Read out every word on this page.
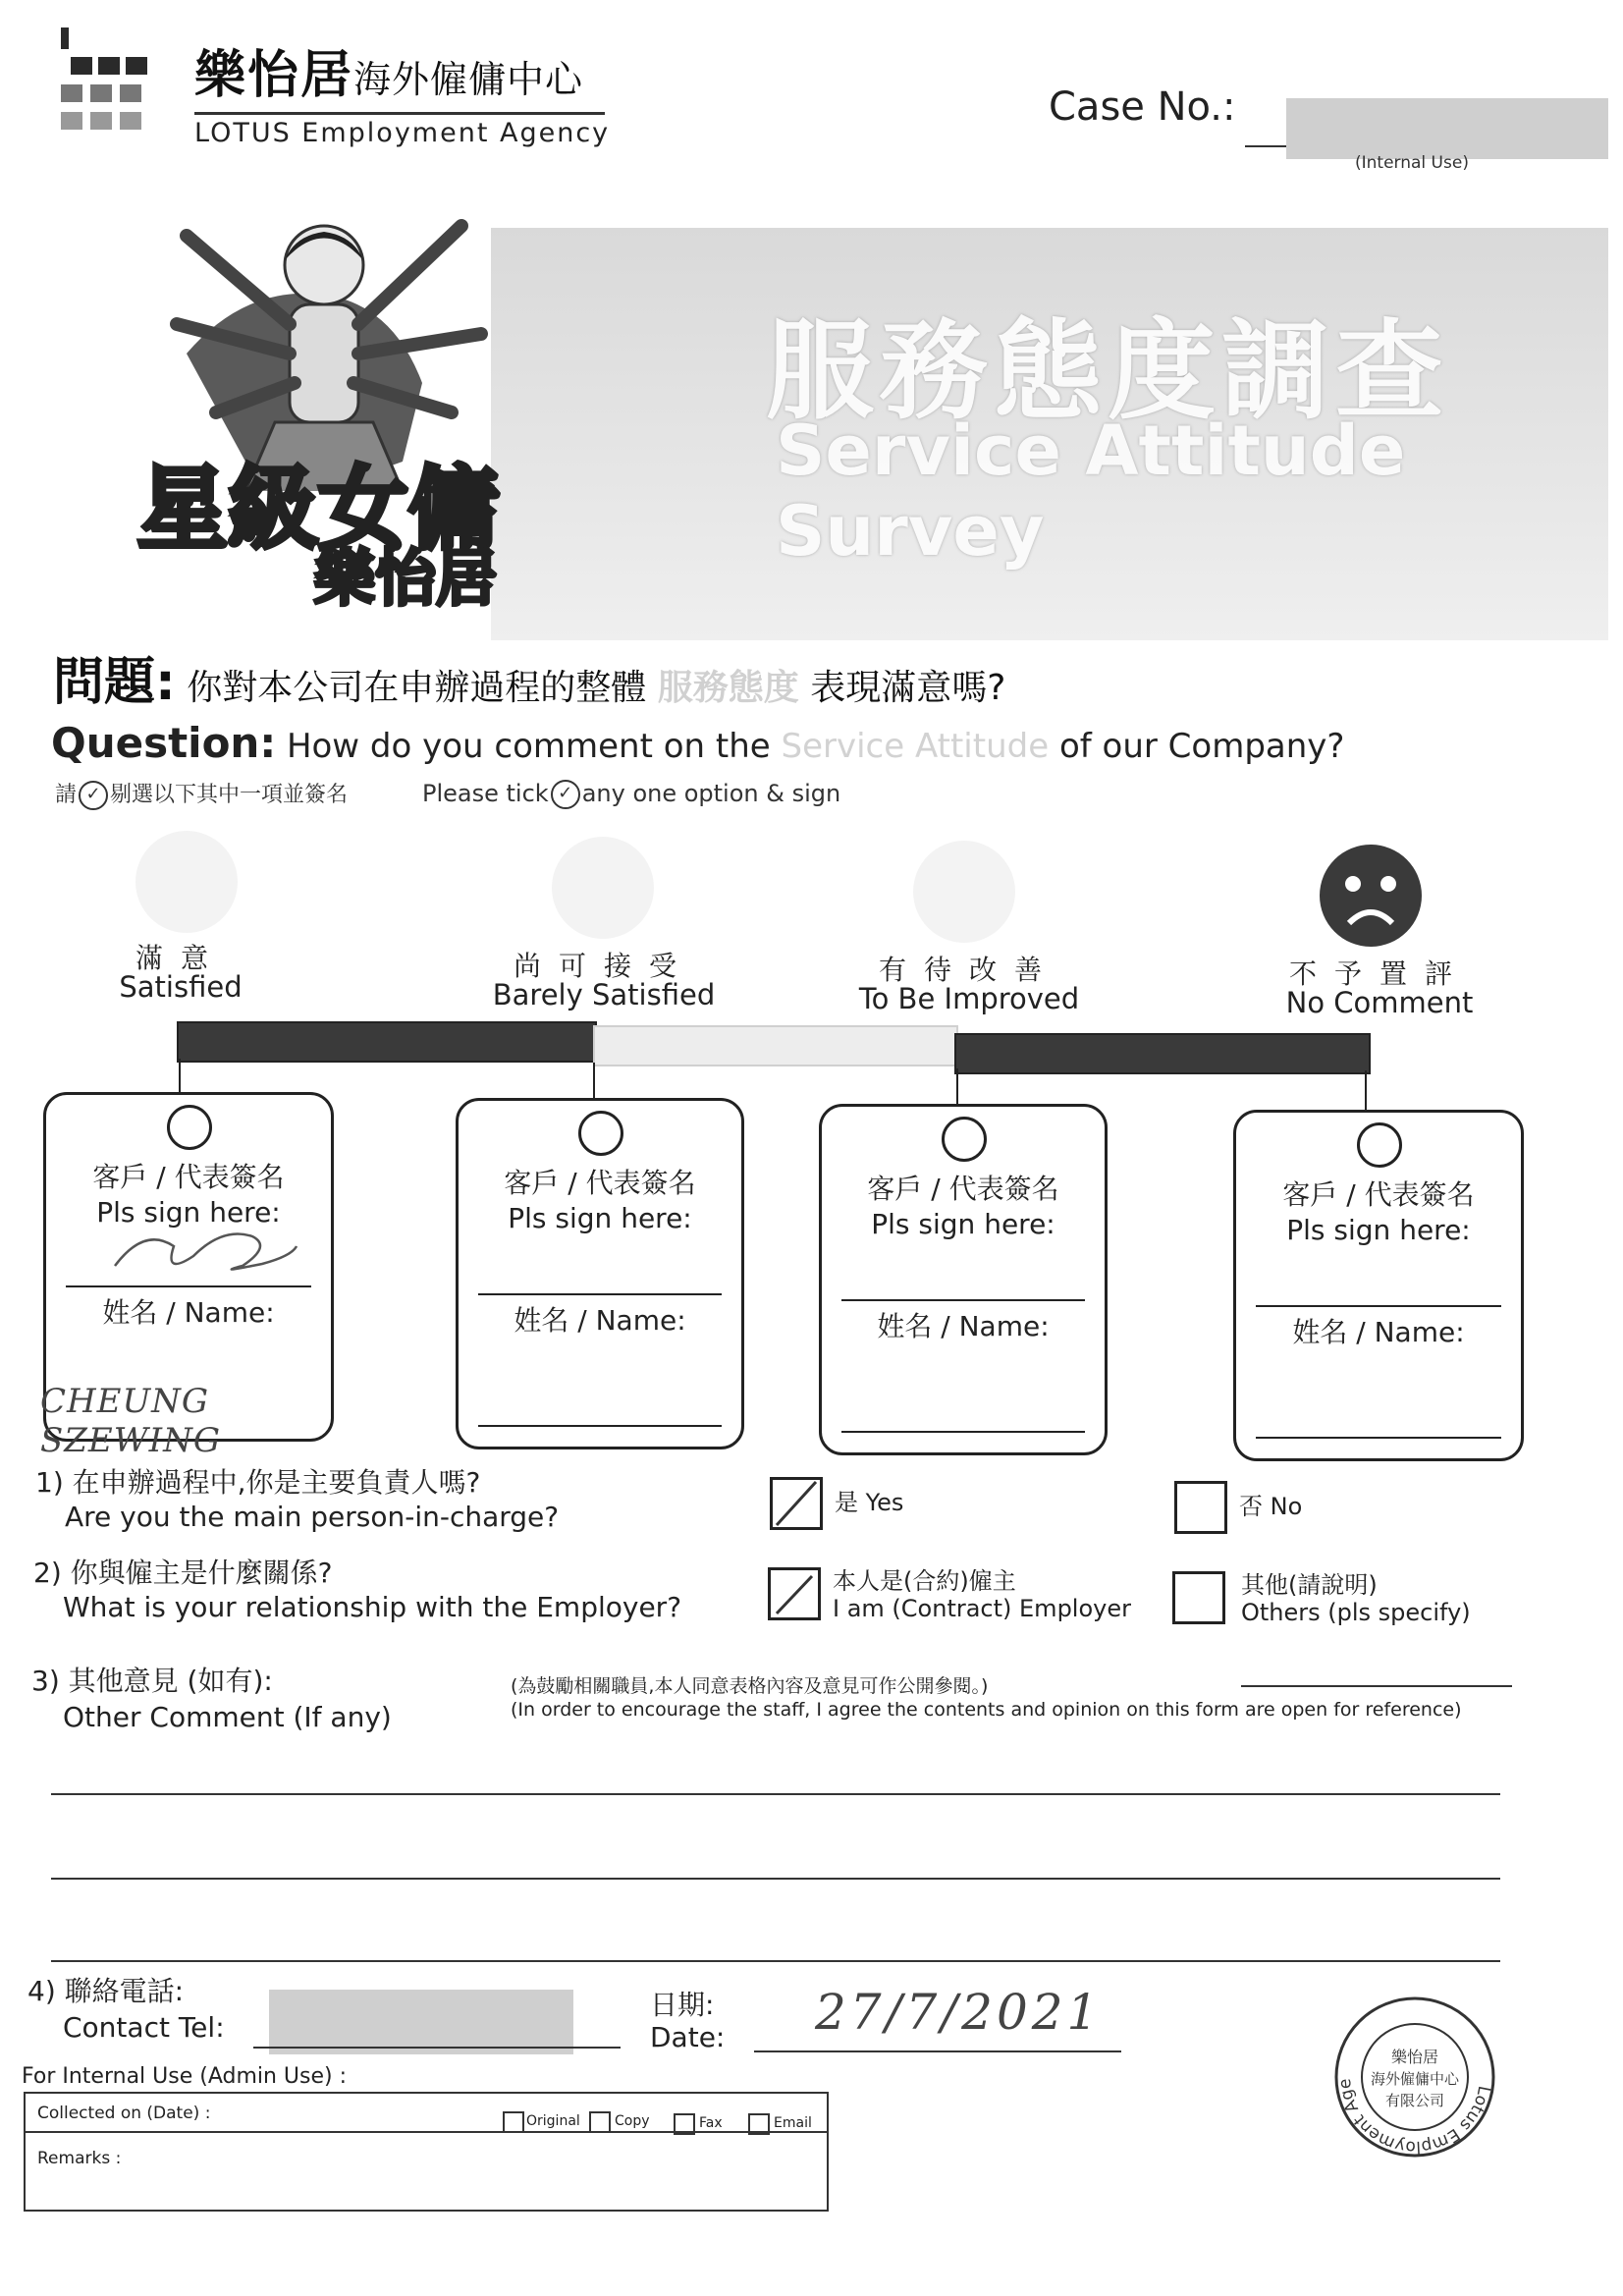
樂怡居海外僱傭中心
LOTUS Employment Agency
Case No.:
(Internal Use)
服務態度調查
Service Attitude Survey
星級女傭
樂怡居
問題: 你對本公司在申辦過程的整體 服務態度 表現滿意嗎?
Question: How do you comment on the Service Attitude of our Company?
請 ✓ 剔選以下其中一項並簽名	Please tick ✓ any one option & sign
滿意
Satisfied
尚可接受
Barely Satisfied
有待改善
To Be Improved
不予置評
No Comment
客戶 / 代表簽名
Pls sign here:
姓名 / Name:
CHEUNG SZEWING
客戶 / 代表簽名
Pls sign here:
姓名 / Name:
客戶 / 代表簽名
Pls sign here:
姓名 / Name:
客戶 / 代表簽名
Pls sign here:
姓名 / Name:
1) 在申辦過程中,你是主要負責人嗎?
Are you the main person-in-charge?	是 Yes	否 No
2) 你與僱主是什麼關係?
What is your relationship with the Employer?
本人是(合約)僱主
I am (Contract) Employer
其他(請說明)
Others (pls specify)
3) 其他意見 (如有):
Other Comment (If any)
(為鼓勵相關職員,本人同意表格內容及意見可作公開參閱。)
(In order to encourage the staff, I agree the contents and opinion on this form are open for reference)
4) 聯絡電話:
Contact Tel:
日期:
Date: 27/7/2021
For Internal Use (Admin Use) :
Collected on (Date) :
Remarks :
Original	Copy	Fax	Email
Lotus Employment Age
樂怡居
海外僱傭中心
有限公司
